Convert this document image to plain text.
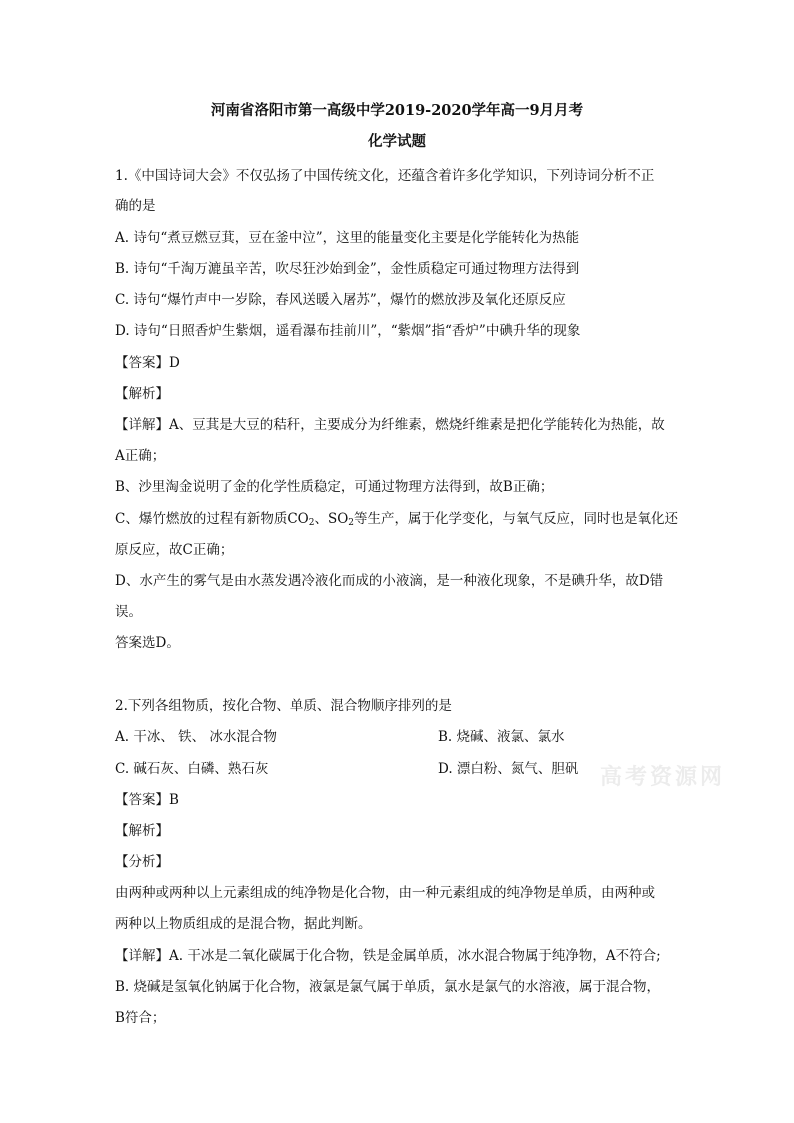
河南省洛阳市第一高级中学2019-2020学年高一9月月考
化学试题
1.《中国诗词大会》不仅弘扬了中国传统文化，还蕴含着许多化学知识，下列诗词分析不正
确的是
A. 诗句“煮豆燃豆萁，豆在釜中泣”，这里的能量变化主要是化学能转化为热能
B. 诗句“千淘万漉虽辛苦，吹尽狂沙始到金”，金性质稳定可通过物理方法得到
C. 诗句“爆竹声中一岁除，春风送暖入屠苏”，爆竹的燃放涉及氧化还原反应
D. 诗句“日照香炉生紫烟，遥看瀑布挂前川”，“紫烟”指“香炉”中碘升华的现象
【答案】D
【解析】
【详解】A、豆萁是大豆的秸秆，主要成分为纤维素，燃烧纤维素是把化学能转化为热能，故
A正确；
B、沙里淘金说明了金的化学性质稳定，可通过物理方法得到，故B正确；
C、爆竹燃放的过程有新物质$CO_2$、$SO_2$等生产，属于化学变化，与氧气反应，同时也是氧化还
原反应，故C正确；
D、水产生的雾气是由水蒸发遇冷液化而成的小液滴，是一种液化现象，不是碘升华，故D错
误。
答案选D。
2.下列各组物质，按化合物、单质、混合物顺序排列的是
A. 干冰、 铁、 冰水混合物	B. 烧碱、液氯、氯水
C. 碱石灰、白磷、熟石灰	D. 漂白粉、氮气、胆矾
【答案】B
【解析】
【分析】
由两种或两种以上元素组成的纯净物是化合物，由一种元素组成的纯净物是单质，由两种或
两种以上物质组成的是混合物，据此判断。
【详解】A. 干冰是二氧化碳属于化合物，铁是金属单质，冰水混合物属于纯净物，A不符合;
B. 烧碱是氢氧化钠属于化合物，液氯是氯气属于单质，氯水是氯气的水溶液，属于混合物，
B符合；
高考资源网
